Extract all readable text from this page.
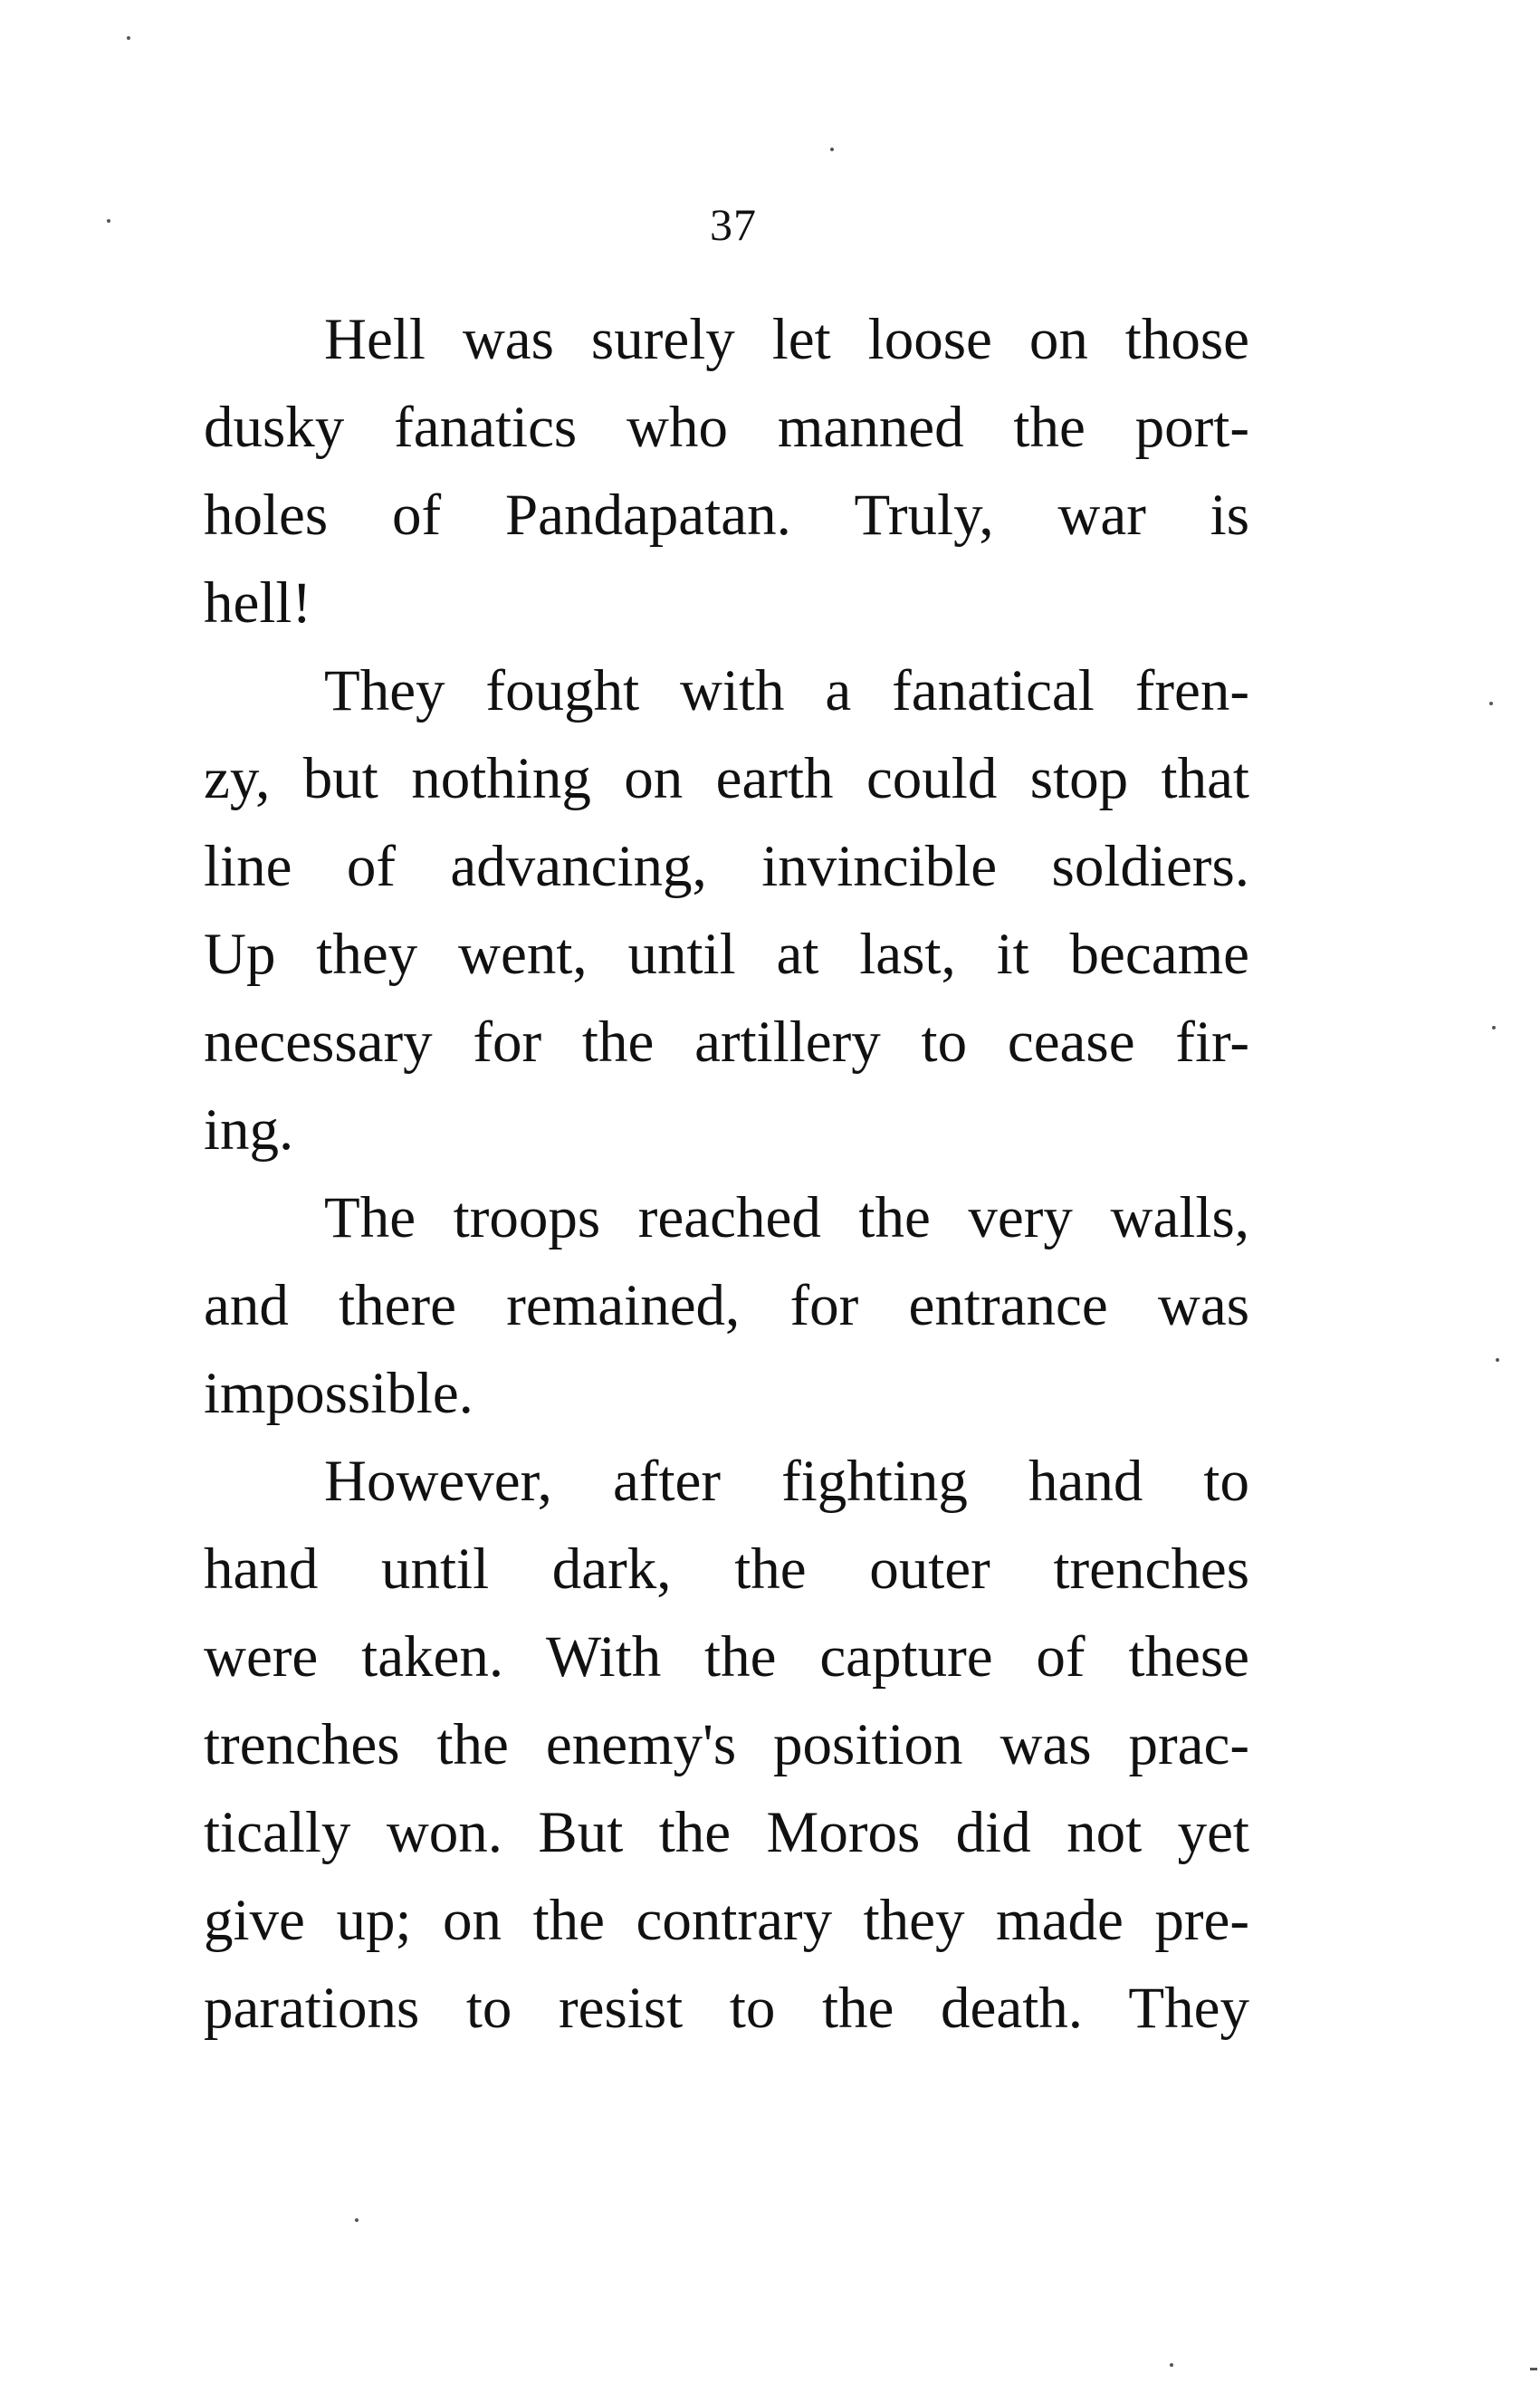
37
Hell was surely let loose on those
dusky fanatics who manned the port-
holes of Pandapatan. Truly, war is
hell!
They fought with a fanatical fren-
zy, but nothing on earth could stop that
line of advancing, invincible soldiers.
Up they went, until at last, it became
necessary for the artillery to cease fir-
ing.
The troops reached the very walls,
and there remained, for entrance was
impossible.
However, after fighting hand to
hand until dark, the outer trenches
were taken. With the capture of these
trenches the enemy's position was prac-
tically won. But the Moros did not yet
give up; on the contrary they made pre-
parations to resist to the death. They
